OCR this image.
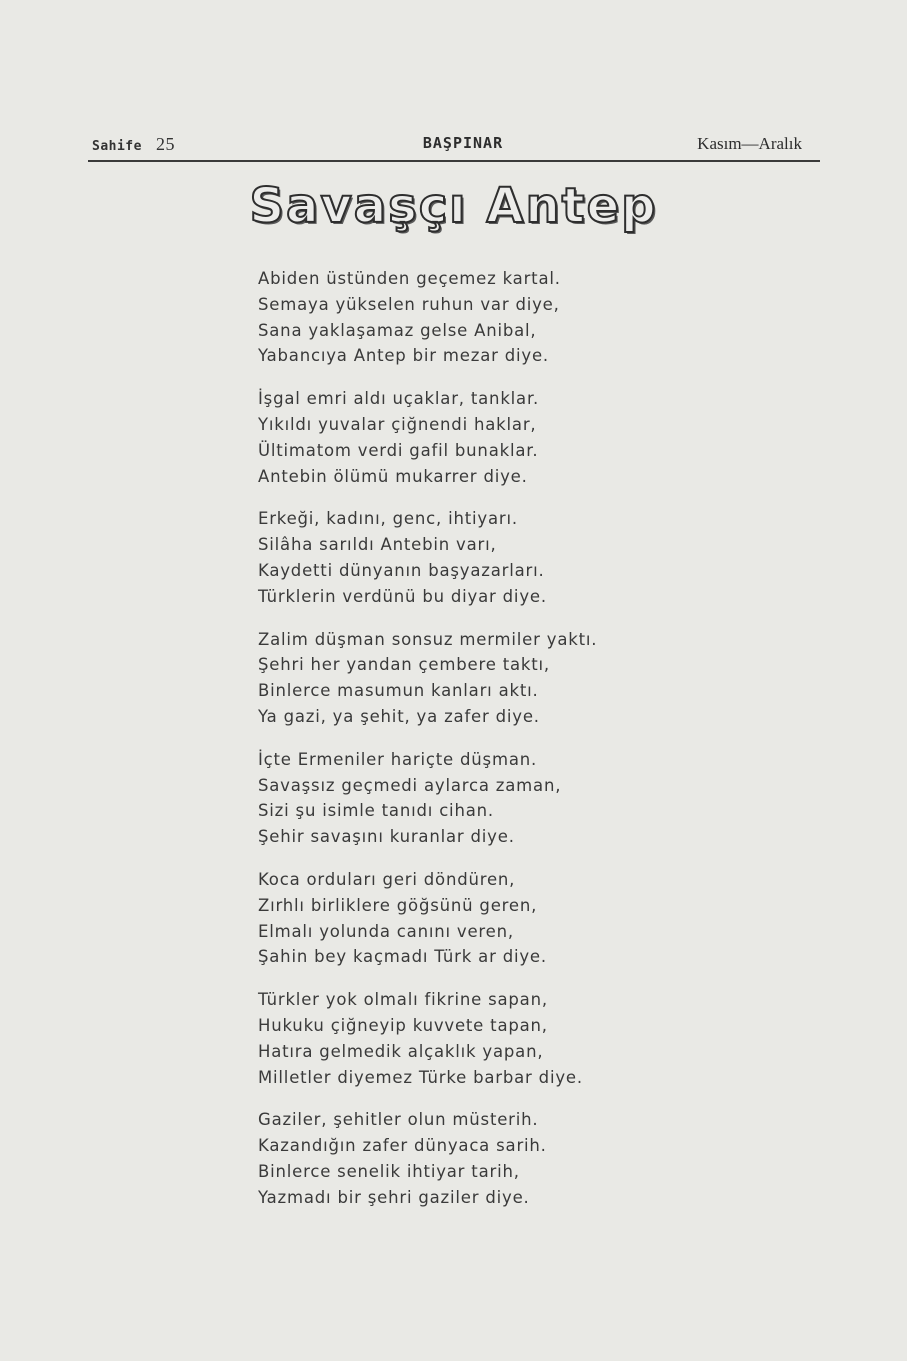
Sahife 25	BAŞPINAR	Kasım—Aralık
Savaşçı Antep
Abiden üstünden geçemez kartal.
Semaya yükselen ruhun var diye,
Sana yaklaşamaz gelse Anibal,
Yabancıya Antep bir mezar diye.
İşgal emri aldı uçaklar, tanklar.
Yıkıldı yuvalar çiğnendi haklar,
Ültimatom verdi gafil bunaklar.
Antebin ölümü mukarrer diye.
Erkeği, kadını, genc, ihtiyarı.
Silâha sarıldı Antebin varı,
Kaydetti dünyanın başyazarları.
Türklerin verdünü bu diyar diye.
Zalim düşman sonsuz mermiler yaktı.
Şehri her yandan çembere taktı,
Binlerce masumun kanları aktı.
Ya gazi, ya şehit, ya zafer diye.
İçte Ermeniler hariçte düşman.
Savaşsız geçmedi aylarca zaman,
Sizi şu isimle tanıdı cihan.
Şehir savaşını kuranlar diye.
Koca orduları geri döndüren,
Zırhlı birliklere göğsünü geren,
Elmalı yolunda canını veren,
Şahin bey kaçmadı Türk ar diye.
Türkler yok olmalı fikrine sapan,
Hukuku çiğneyip kuvvete tapan,
Hatıra gelmedik alçaklık yapan,
Milletler diyemez Türke barbar diye.
Gaziler, şehitler olun müsterih.
Kazandığın zafer dünyaca sarih.
Binlerce senelik ihtiyar tarih,
Yazmadı bir şehri gaziler diye.
